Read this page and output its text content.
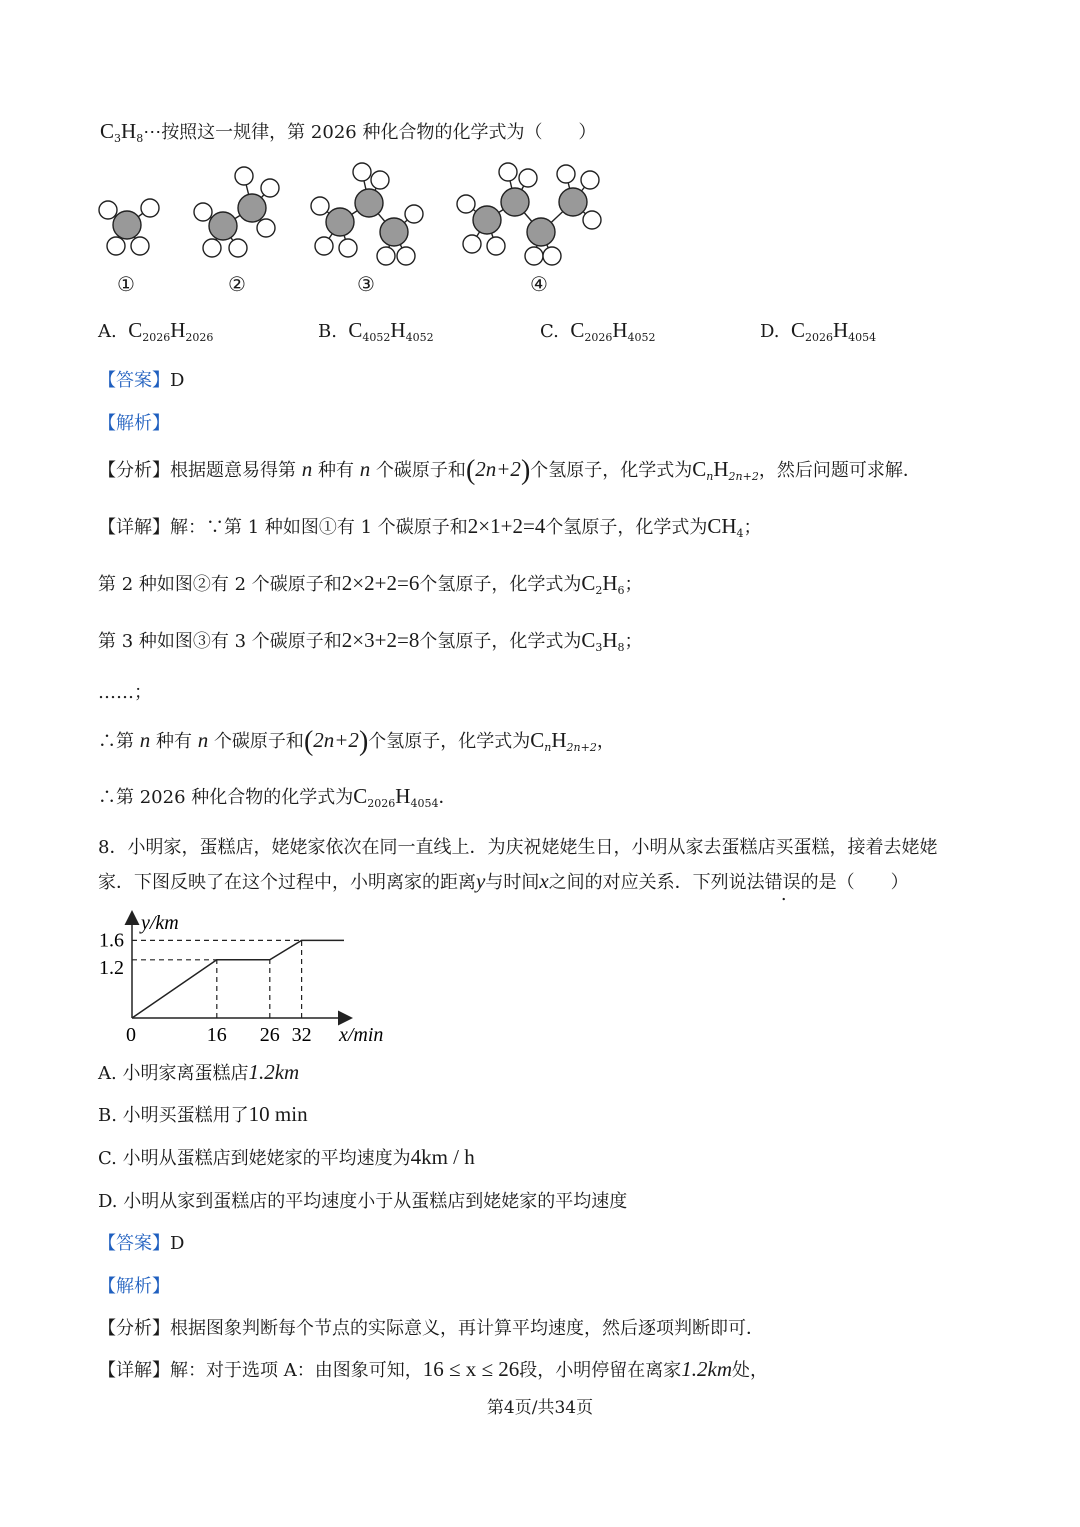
$C_3H_8\cdots$按照这一规律，第 2026 种化合物的化学式为（　　）
①	②	③	④
A. $C_{2026}H_{2026}$	B. $C_{4052}H_{4052}$	C. $C_{2026}H_{4052}$	D. $C_{2026}H_{4054}$
【答案】D
【解析】
【分析】根据题意易得第 n 种有 n 个碳原子和(2n+2)个氢原子，化学式为$C_nH_{2n+2}$，然后问题可求解．
【详解】解：∵第 1 种如图①有 1 个碳原子和2×1+2=4个氢原子，化学式为$CH_4$；
第 2 种如图②有 2 个碳原子和2×2+2=6个氢原子，化学式为$C_2H_6$；
第 3 种如图③有 3 个碳原子和2×3+2=8个氢原子，化学式为$C_3H_8$；
……；
∴第 n 种有 n 个碳原子和(2n+2)个氢原子，化学式为$C_nH_{2n+2}$，
∴第 2026 种化合物的化学式为$C_{2026}H_{4054}$．
8．小明家，蛋糕店，姥姥家依次在同一直线上．为庆祝姥姥生日，小明从家去蛋糕店买蛋糕，接着去姥姥
家．下图反映了在这个过程中，小明离家的距离y与时间x之间的对应关系．下列说法错误的是（　　）
y/km
x/min
0
1.6
1.2
16 26 32
A. 小明家离蛋糕店1.2km
B. 小明买蛋糕用了10 min
C. 小明从蛋糕店到姥姥家的平均速度为4km / h
D. 小明从家到蛋糕店的平均速度小于从蛋糕店到姥姥家的平均速度
【答案】D
【解析】
【分析】根据图象判断每个节点的实际意义，再计算平均速度，然后逐项判断即可．
【详解】解：对于选项 A：由图象可知，16 ≤ x ≤ 26段，小明停留在离家1.2km处，
第4页/共34页
